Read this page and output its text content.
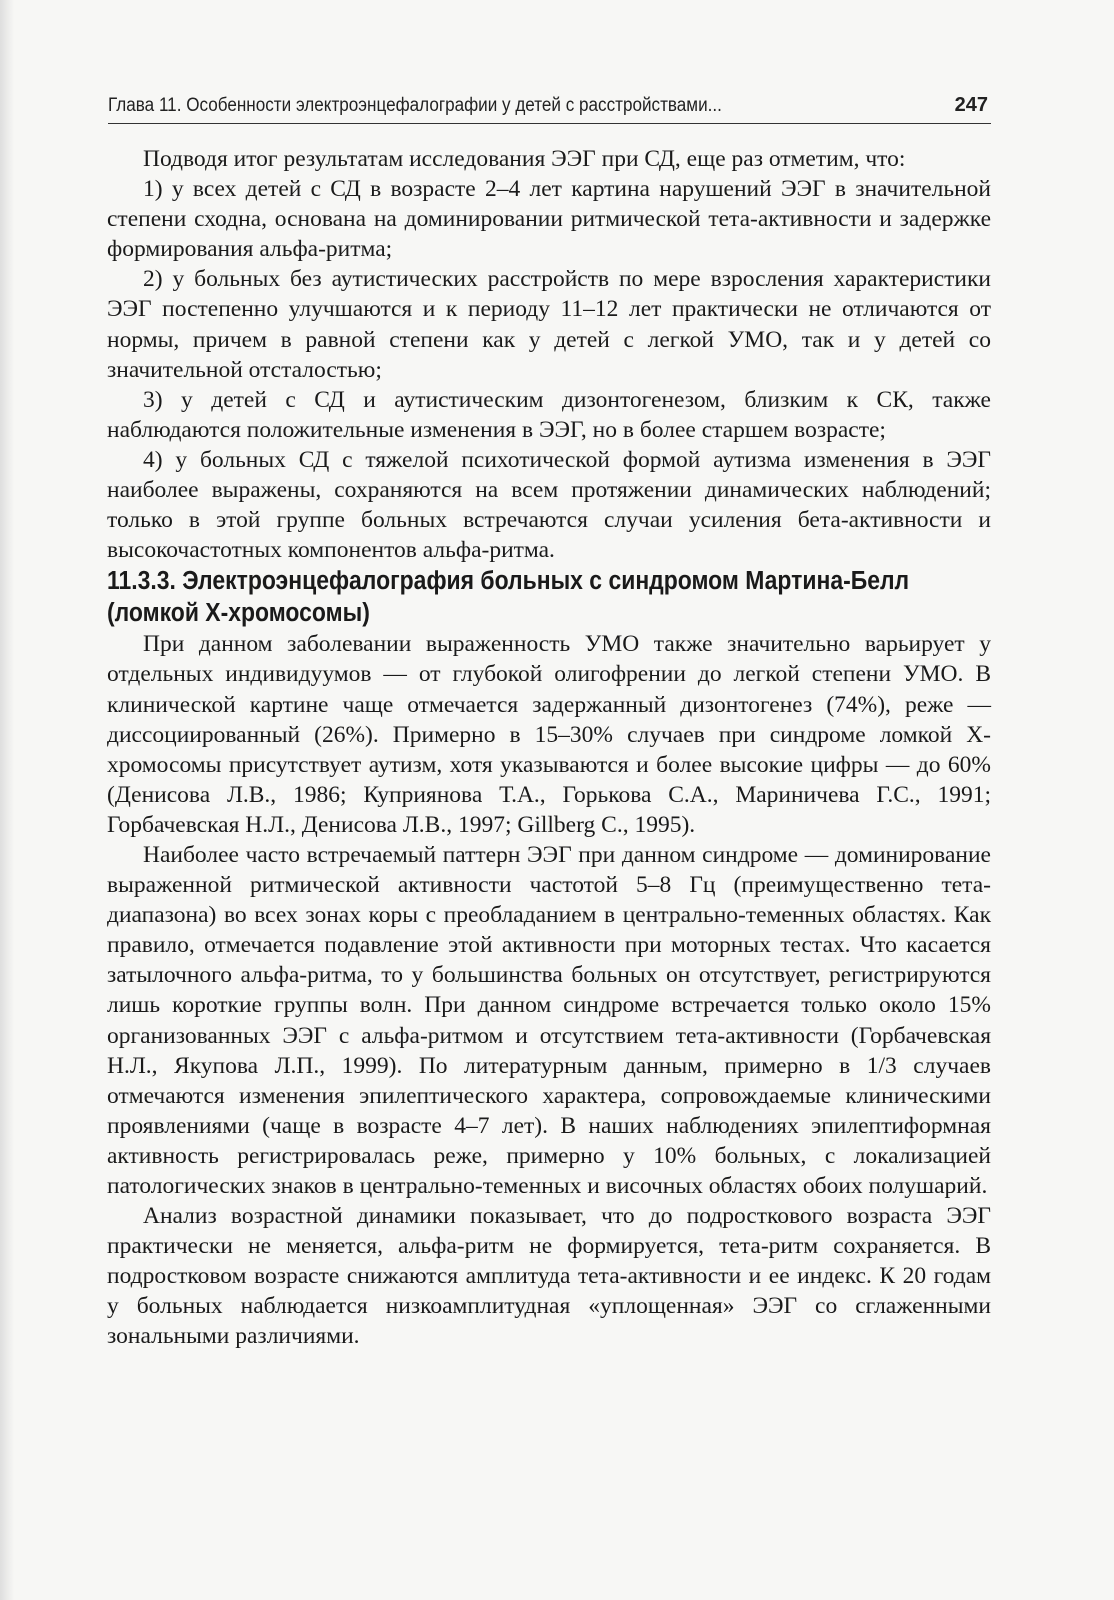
Глава 11. Особенности электроэнцефалографии у детей с расстройствами...	247

Подводя итог результатам исследования ЭЭГ при СД, еще раз отметим, что:

1) у всех детей с СД в возрасте 2–4 лет картина нарушений ЭЭГ в значительной степени сходна, основана на доминировании ритмической тета-активности и задержке формирования альфа-ритма;

2) у больных без аутистических расстройств по мере взросления характеристики ЭЭГ постепенно улучшаются и к периоду 11–12 лет практически не отличаются от нормы, причем в равной степени как у детей с легкой УМО, так и у детей со значительной отсталостью;

3) у детей с СД и аутистическим дизонтогенезом, близким к СК, также наблюдаются положительные изменения в ЭЭГ, но в более старшем возрасте;

4) у больных СД с тяжелой психотической формой аутизма изменения в ЭЭГ наиболее выражены, сохраняются на всем протяжении динамических наблюдений; только в этой группе больных встречаются случаи усиления бета-активности и высокочастотных компонентов альфа-ритма.

11.3.3. Электроэнцефалография больных с синдромом Мартина-Белл (ломкой Х-хромосомы)

При данном заболевании выраженность УМО также значительно варьирует у отдельных индивидуумов — от глубокой олигофрении до легкой степени УМО. В клинической картине чаще отмечается задержанный дизонтогенез (74%), реже — диссоциированный (26%). Примерно в 15–30% случаев при синдроме ломкой Х-хромосомы присутствует аутизм, хотя указываются и более высокие цифры — до 60% (Денисова Л.В., 1986; Куприянова Т.А., Горькова С.А., Мариничева Г.С., 1991; Горбачевская Н.Л., Денисова Л.В., 1997; Gillberg С., 1995).

Наиболее часто встречаемый паттерн ЭЭГ при данном синдроме — доминирование выраженной ритмической активности частотой 5–8 Гц (преимущественно тета-диапазона) во всех зонах коры с преобладанием в центрально-теменных областях. Как правило, отмечается подавление этой активности при моторных тестах. Что касается затылочного альфа-ритма, то у большинства больных он отсутствует, регистрируются лишь короткие группы волн. При данном синдроме встречается только около 15% организованных ЭЭГ с альфа-ритмом и отсутствием тета-активности (Горбачевская Н.Л., Якупова Л.П., 1999). По литературным данным, примерно в 1/3 случаев отмечаются изменения эпилептического характера, сопровождаемые клиническими проявлениями (чаще в возрасте 4–7 лет). В наших наблюдениях эпилептиформная активность регистрировалась реже, примерно у 10% больных, с локализацией патологических знаков в центрально-теменных и височных областях обоих полушарий.

Анализ возрастной динамики показывает, что до подросткового возраста ЭЭГ практически не меняется, альфа-ритм не формируется, тета-ритм сохраняется. В подростковом возрасте снижаются амплитуда тета-активности и ее индекс. К 20 годам у больных наблюдается низкоамплитудная «уплощенная» ЭЭГ со сглаженными зональными различиями.
